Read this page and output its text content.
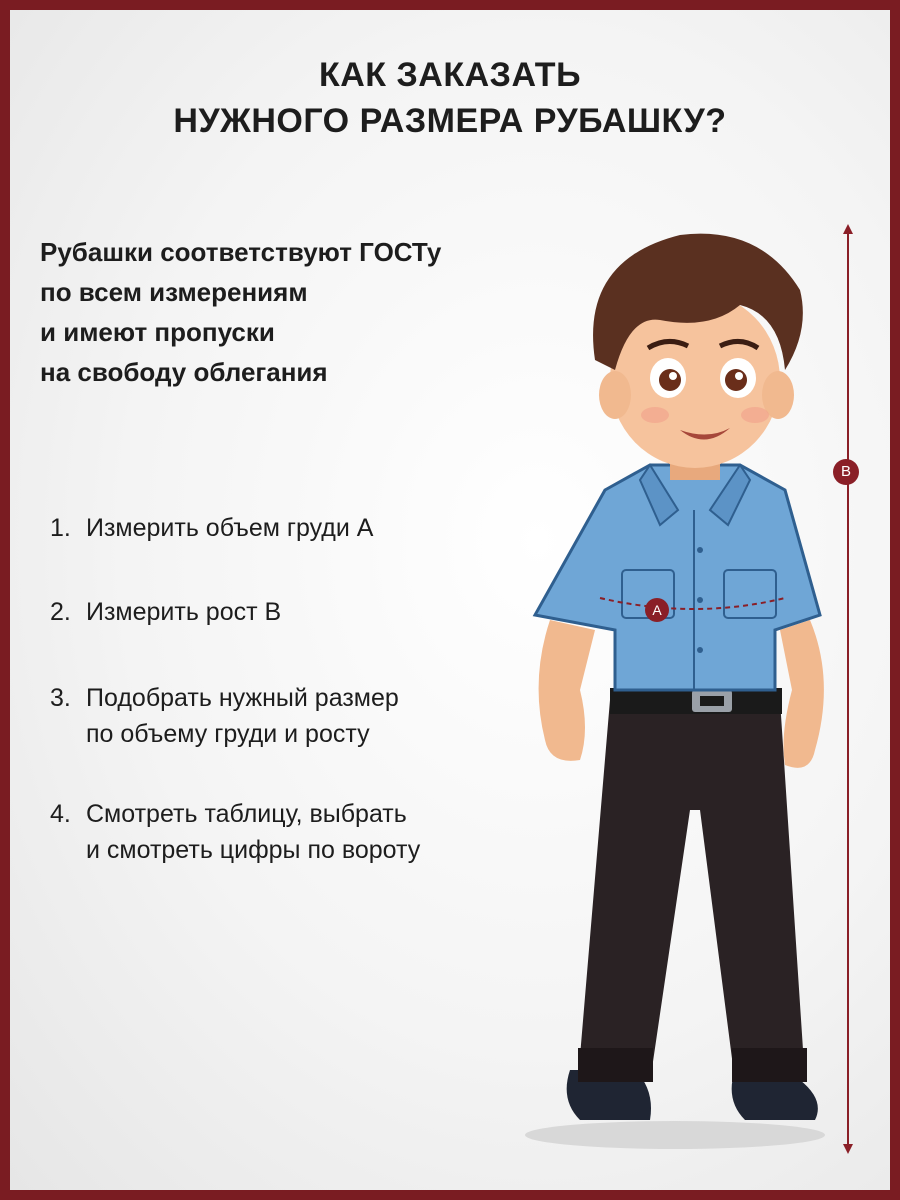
КАК ЗАКАЗАТЬ
НУЖНОГО РАЗМЕРА РУБАШКУ?
Рубашки соответствуют ГОСТу
по всем измерениям
и имеют пропуски
на свободу облегания
1. Измерить объем груди А
2. Измерить рост В
3. Подобрать нужный размер
по объему груди и росту
4. Смотреть таблицу, выбрать
и смотреть цифры по вороту
A
B
